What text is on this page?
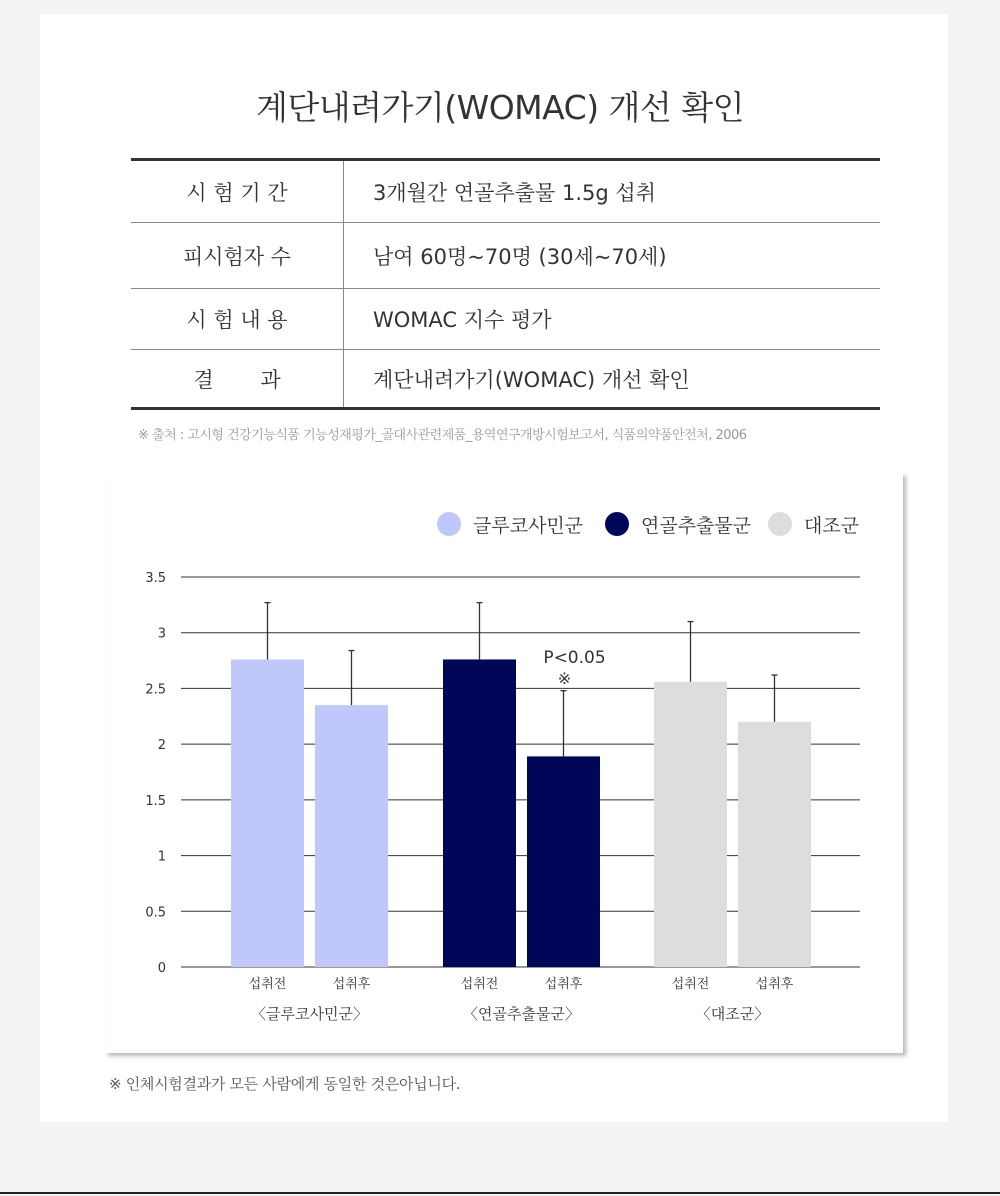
계단내려가기(WOMAC) 개선 확인
시 험 기 간	3개월간 연골추출물 1.5g 섭취
피시험자 수	남여 60명~70명 (30세~70세)
시 험 내 용	WOMAC 지수 평가
결       과	계단내려가기(WOMAC) 개선 확인
※ 출처 : 고시형 건강기능식품 기능성재평가_골대사관련제품_용역연구개방시험보고서, 식품의약품안전처, 2006
글루코사민군	연골추출물군	대조군
0
0.5
1
1.5
2
2.5
3
3.5
섭취전	섭취후
〈글루코사민군〉
섭취전	섭취후
〈연골추출물군〉
섭취전	섭취후
〈대조군〉
P<0.05
※
※ 인체시험결과가 모든 사람에게 동일한 것은아닙니다.
